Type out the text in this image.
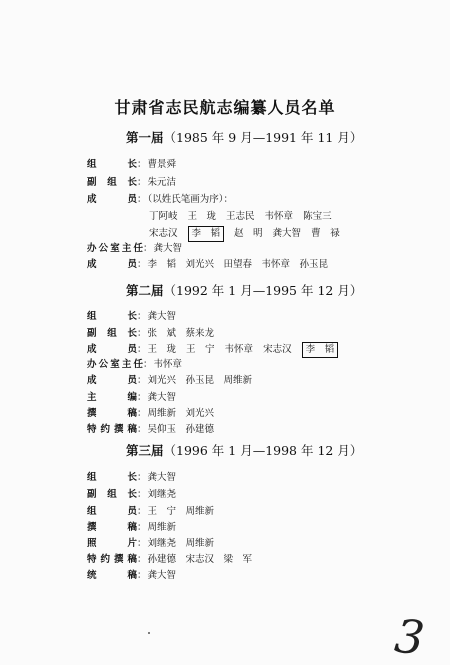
甘肃省志民航志编纂人员名单
第一届（1985 年 9 月—1991 年 11 月）
组　长：曹景舜
副组长：朱元洁
成　员：（以姓氏笔画为序）：
丁阿岐 王　珑 王志民 韦怀章 陈宝三
宋志汉 李　韬 赵　明 龚大智 曹　禄
办公室主任：龚大智
成　员：李　韬　刘光兴　田望春　韦怀章　孙玉昆
第二届（1992 年 1 月—1995 年 12 月）
组　长：龚大智
副组长：张　斌　蔡来龙
成　员：王　珑 王　宁 韦怀章 宋志汉 李　韬
办公室主任：韦怀章
成　员：刘光兴　孙玉昆　周维新
主　编：龚大智
撰　稿：周维新　刘光兴
特约撰稿：吴仰玉　孙建德
第三届（1996 年 1 月—1998 年 12 月）
组　长：龚大智
副组长：刘继尧
组　员：王　宁　周维新
撰　稿：周维新
照　片：刘继尧　周维新
特约撰稿：孙建德　宋志汉　梁　军
统　稿：龚大智
3
